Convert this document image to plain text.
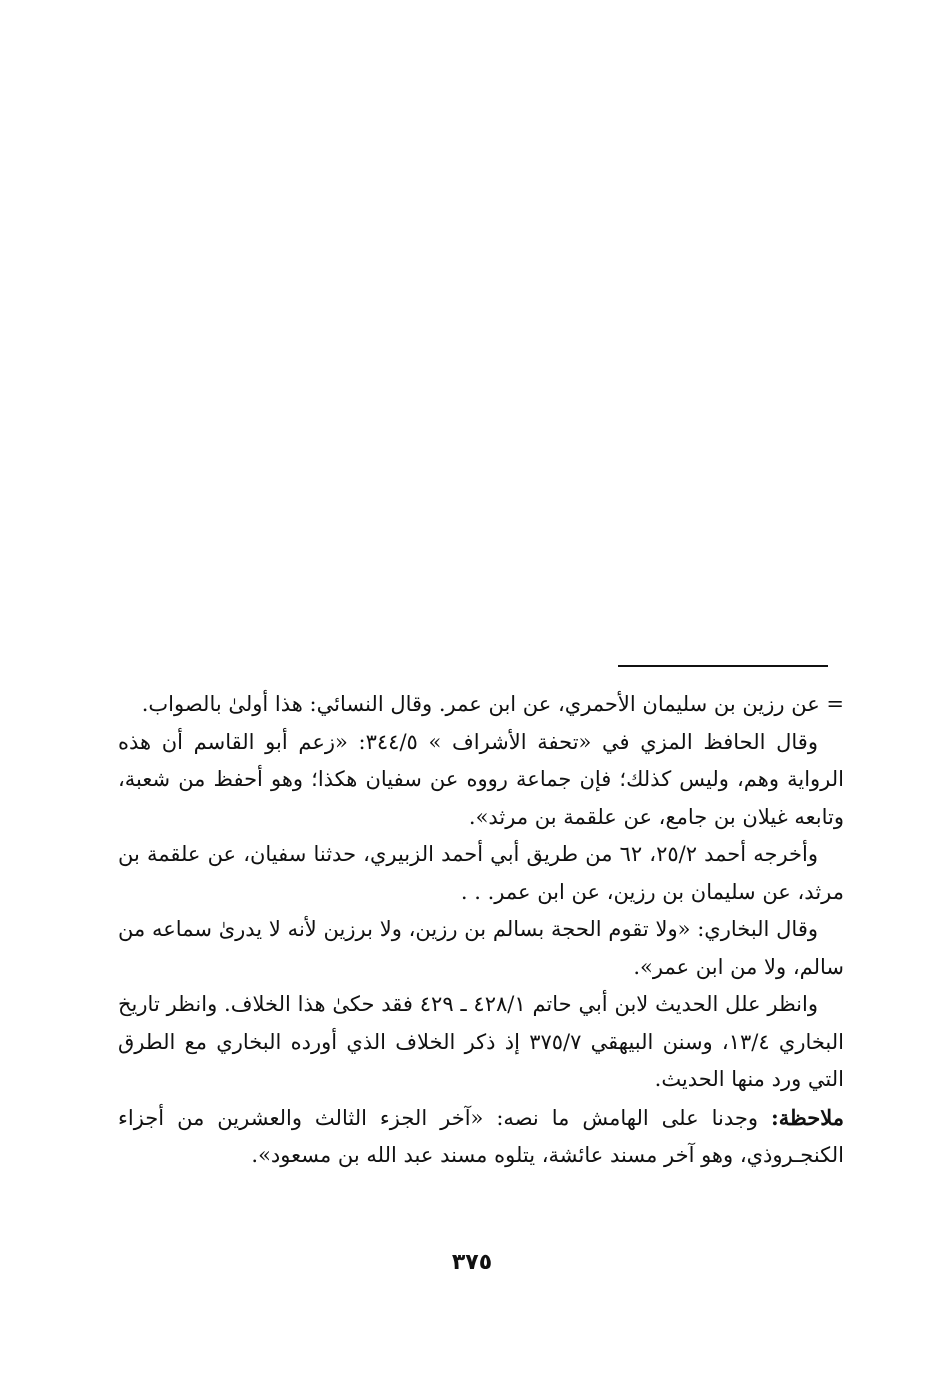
= عن رزين بن سليمان الأحمري، عن ابن عمر. وقال النسائي: هذا أولىٰ بالصواب.

وقال الحافظ المزي في «تحفة الأشراف » ٣٤٤/٥: «زعم أبو القاسم أن هذه الرواية وهم، وليس كذلك؛ فإن جماعة رووه عن سفيان هكذا؛ وهو أحفظ من شعبة، وتابعه غيلان بن جامع، عن علقمة بن مرثد».

وأخرجه أحمد ٢٥/٢، ٦٢ من طريق أبي أحمد الزبيري، حدثنا سفيان، عن علقمة بن مرثد، عن سليمان بن رزين، عن ابن عمر. . .

وقال البخاري: «ولا تقوم الحجة بسالم بن رزين، ولا برزين لأنه لا يدرىٰ سماعه من سالم، ولا من ابن عمر».

وانظر علل الحديث لابن أبي حاتم ٤٢٨/١ ـ ٤٢٩ فقد حكىٰ هذا الخلاف. وانظر تاريخ البخاري ١٣/٤، وسنن البيهقي ٣٧٥/٧ إذ ذكر الخلاف الذي أورده البخاري مع الطرق التي ورد منها الحديث.

ملاحظة: وجدنا على الهامش ما نصه: «آخر الجزء الثالث والعشرين من أجزاء الكنجـروذي، وهو آخر مسند عائشة، يتلوه مسند عبد الله بن مسعود».

٣٧٥
